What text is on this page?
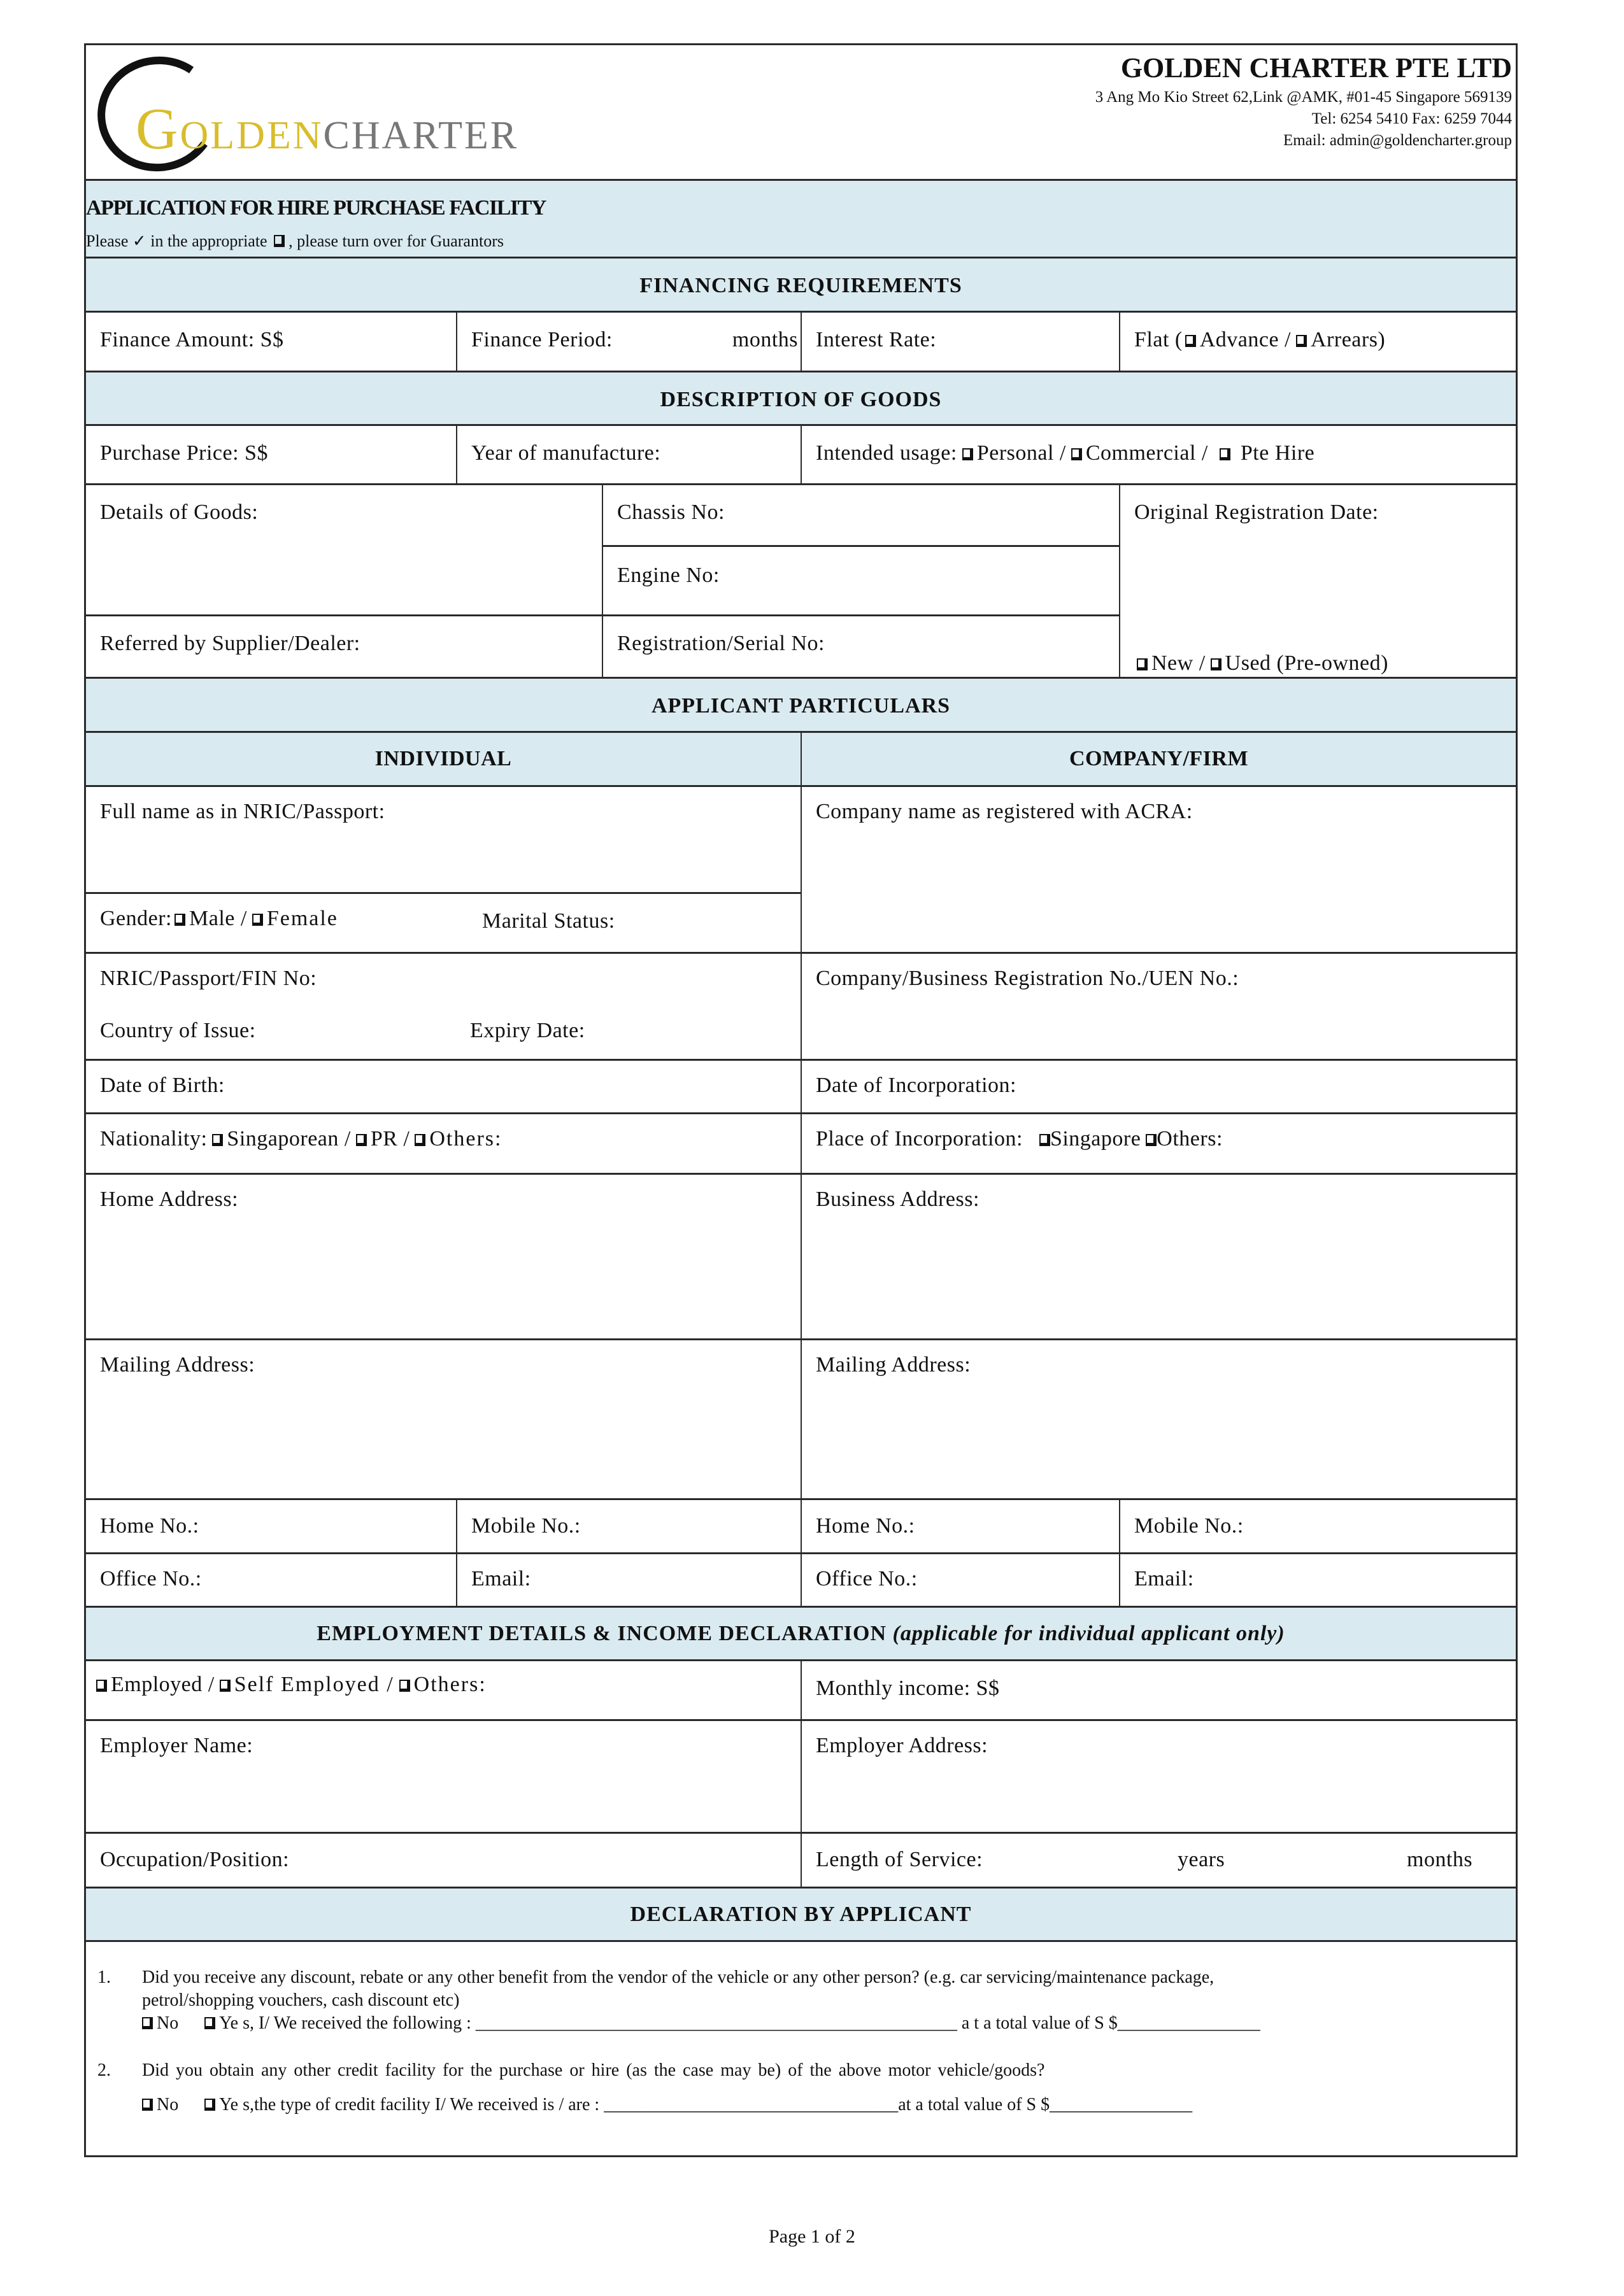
GOLDENCHARTER
GOLDEN CHARTER PTE LTD
3 Ang Mo Kio Street 62,Link @AMK, #01-45 Singapore 569139
Tel: 6254 5410 Fax: 6259 7044
Email: admin@goldencharter.group
APPLICATION FOR HIRE PURCHASE FACILITY
Please ✓ in the appropriate , please turn over for Guarantors
FINANCING REQUIREMENTS
Finance Amount: S$	Finance Period:	months Interest Rate:	Flat ( Advance / Arrears)
DESCRIPTION OF GOODS
Purchase Price: S$	Year of manufacture:	Intended usage: Personal / Commercial / Pte Hire
Details of Goods:	Chassis No:
Engine No:
Referred by Supplier/Dealer:	Registration/Serial No:
Original Registration Date:
New / Used (Pre-owned)
APPLICANT PARTICULARS
INDIVIDUAL	COMPANY/FIRM
Full name as in NRIC/Passport:
Gender: Male / Female	Marital Status:
Company name as registered with ACRA:
NRIC/Passport/FIN No:
Country of Issue:	Expiry Date:
Company/Business Registration No./UEN No.:
Date of Birth:	Date of Incorporation:
Nationality: Singaporean / PR / Others:	Place of Incorporation: Singapore Others:
Home Address:	Business Address:
Mailing Address:	Mailing Address:
Home No.:	Mobile No.:	Home No.:	Mobile No.:
Office No.:	Email:	Office No.:	Email:
EMPLOYMENT DETAILS & INCOME DECLARATION (applicable for individual applicant only)
Employed / Self Employed / Others:	Monthly income: S$
Employer Name:	Employer Address:
Occupation/Position:	Length of Service:	years	months
DECLARATION BY APPLICANT
1. Did you receive any discount, rebate or any other benefit from the vendor of the vehicle or any other person? (e.g. car servicing/maintenance package,
petrol/shopping vouchers, cash discount etc)
No Ye s, I/ We received the following : ______________________________________________________ a t a total value of S $________________
2. Did you obtain any other credit facility for the purchase or hire (as the case may be) of the above motor vehicle/goods?
No Ye s,the type of credit facility I/ We received is / are : _________________________________at a total value of S $________________
Page 1 of 2
